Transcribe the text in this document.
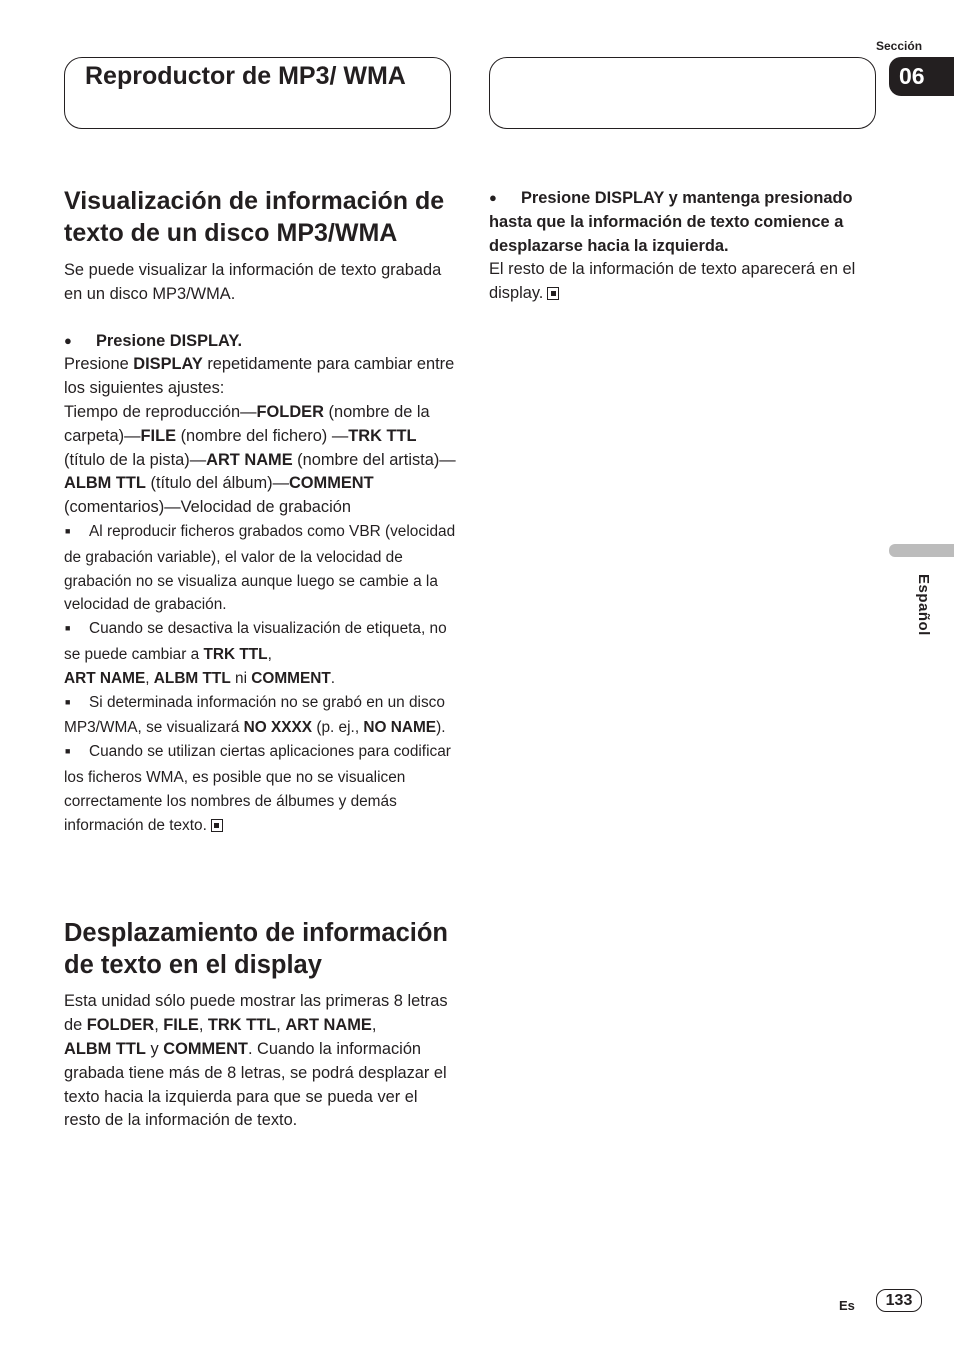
Reproductor de MP3/ WMA
Sección
06
Español
Visualización de información de texto de un disco MP3/WMA

Se puede visualizar la información de texto grabada en un disco MP3/WMA.

●Presione DISPLAY.

Presione DISPLAY repetidamente para cambiar entre los siguientes ajustes:

Tiempo de reproducción—FOLDER (nombre de la carpeta)—FILE (nombre del fichero) —TRK TTL (título de la pista)—ART NAME (nombre del artista)—ALBM TTL (título del álbum)—COMMENT (comentarios)—Velocidad de grabación

■Al reproducir ficheros grabados como VBR (velocidad de grabación variable), el valor de la velocidad de grabación no se visualiza aunque luego se cambie a la velocidad de grabación.

■Cuando se desactiva la visualización de etiqueta, no se puede cambiar a TRK TTL,
ART NAME, ALBM TTL ni COMMENT.

■Si determinada información no se grabó en un disco MP3/WMA, se visualizará NO XXXX (p. ej., NO NAME).

■Cuando se utilizan ciertas aplicaciones para codificar los ficheros WMA, es posible que no se visualicen correctamente los nombres de álbumes y demás información de texto.

Desplazamiento de información de texto en el display

Esta unidad sólo puede mostrar las primeras 8 letras de FOLDER, FILE, TRK TTL, ART NAME,
ALBM TTL y COMMENT. Cuando la información grabada tiene más de 8 letras, se podrá desplazar el texto hacia la izquierda para que se pueda ver el resto de la información de texto.

●Presione DISPLAY y mantenga presionado hasta que la información de texto comience a desplazarse hacia la izquierda.

El resto de la información de texto aparecerá en el display.

Es	133
